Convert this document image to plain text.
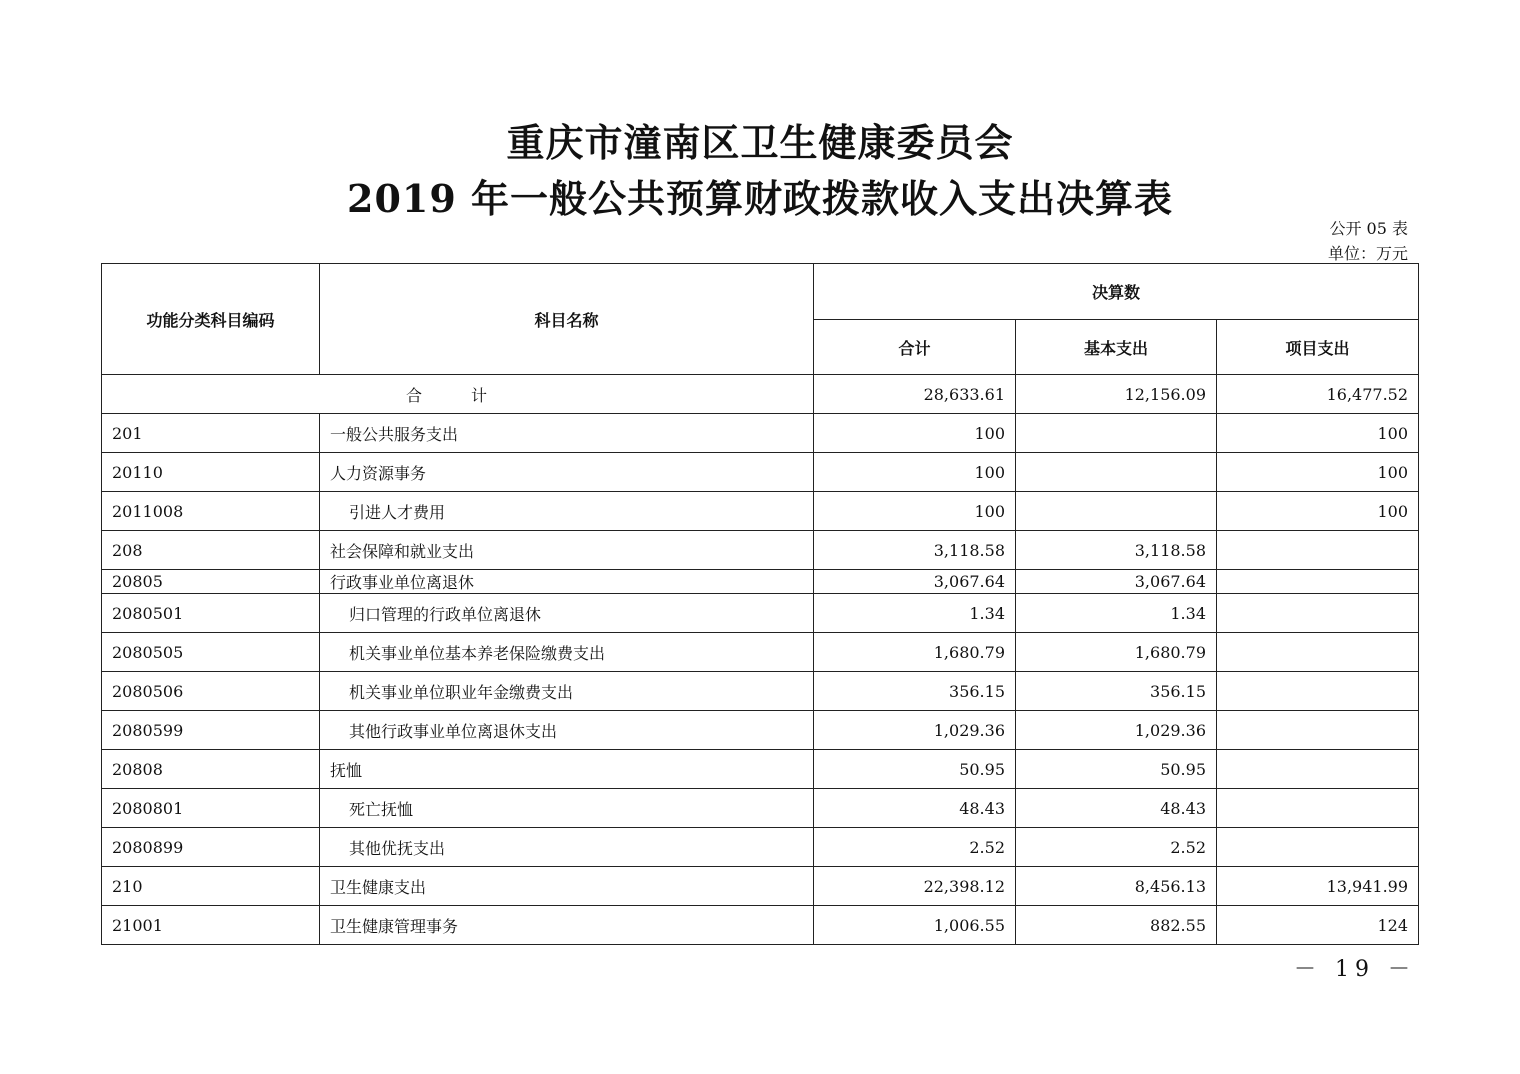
重庆市潼南区卫生健康委员会
2019 年一般公共预算财政拨款收入支出决算表
公开 05 表
单位：万元
功能分类科目编码	科目名称	决算数		
		合计	基本支出	项目支出
合 计		28,633.61	12,156.09	16,477.52
201	一般公共服务支出	100		100
20110	人力资源事务	100		100
2011008	引进人才费用	100		100
208	社会保障和就业支出	3,118.58	3,118.58	
20805	行政事业单位离退休	3,067.64	3,067.64	
2080501	归口管理的行政单位离退休	1.34	1.34	
2080505	机关事业单位基本养老保险缴费支出	1,680.79	1,680.79	
2080506	机关事业单位职业年金缴费支出	356.15	356.15	
2080599	其他行政事业单位离退休支出	1,029.36	1,029.36	
20808	抚恤	50.95	50.95	
2080801	死亡抚恤	48.43	48.43	
2080899	其他优抚支出	2.52	2.52	
210	卫生健康支出	22,398.12	8,456.13	13,941.99
21001	卫生健康管理事务	1,006.55	882.55	124
－ 19 －
